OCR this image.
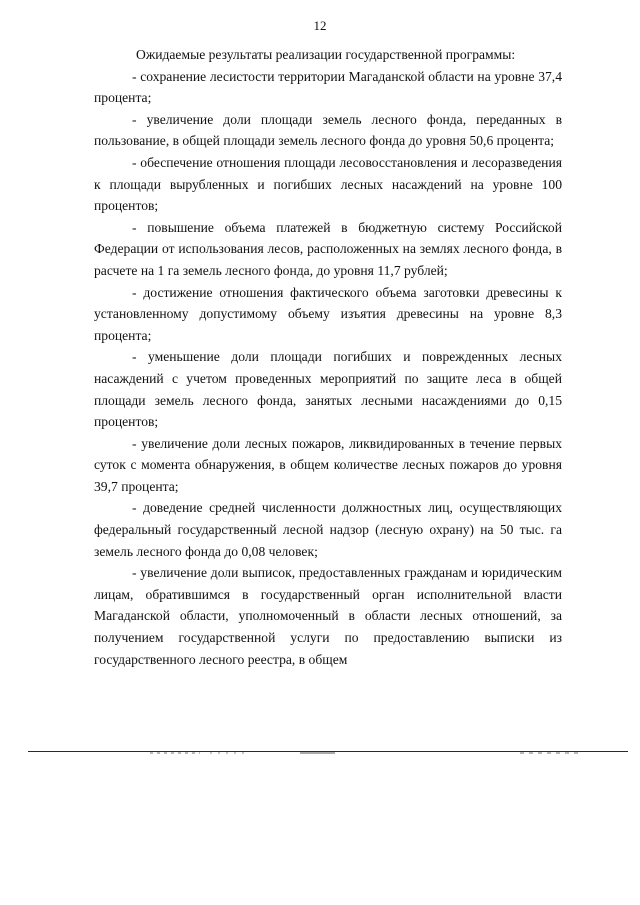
12

Ожидаемые результаты реализации государственной программы:

- сохранение лесистости территории Магаданской области на уровне 37,4 процента;

- увеличение доли площади земель лесного фонда, переданных в пользование, в общей площади земель лесного фонда до уровня 50,6 процента;

- обеспечение отношения площади лесовосстановления и лесоразведения к площади вырубленных и погибших лесных насаждений на уровне 100 процентов;

- повышение объема платежей в бюджетную систему Российской Федерации от использования лесов, расположенных на землях лесного фонда, в расчете на 1 га земель лесного фонда, до уровня 11,7 рублей;

- достижение отношения фактического объема заготовки древесины к установленному допустимому объему изъятия древесины на уровне 8,3 процента;

- уменьшение доли площади погибших и поврежденных лесных насаждений с учетом проведенных мероприятий по защите леса в общей площади земель лесного фонда, занятых лесными насаждениями до 0,15 процентов;

- увеличение доли лесных пожаров, ликвидированных в течение первых суток с момента обнаружения, в общем количестве лесных пожаров до уровня 39,7 процента;

- доведение средней численности должностных лиц, осуществляющих федеральный государственный лесной надзор (лесную охрану) на 50 тыс. га земель лесного фонда до 0,08 человек;

- увеличение доли выписок, предоставленных гражданам и юридическим лицам, обратившимся в государственный орган исполнительной власти Магаданской области, уполномоченный в области лесных отношений, за получением государственной услуги по предоставлению выписки из государственного лесного реестра, в общем
